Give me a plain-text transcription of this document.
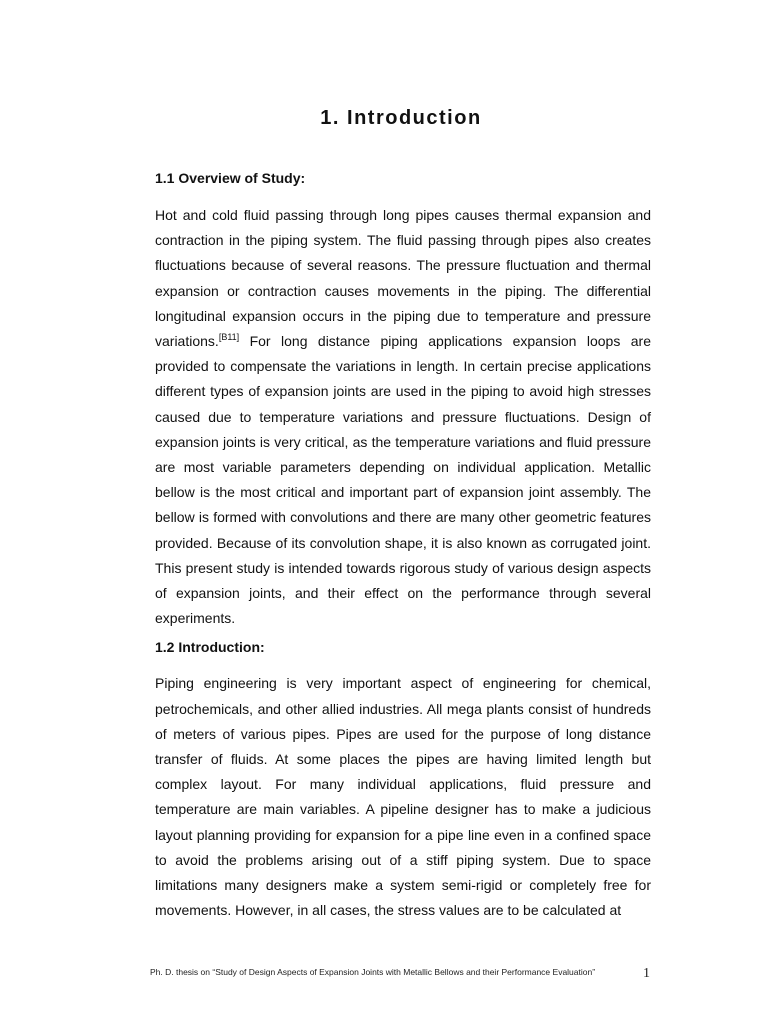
1. Introduction
1.1 Overview of Study:

Hot and cold fluid passing through long pipes causes thermal expansion and contraction in the piping system. The fluid passing through pipes also creates fluctuations because of several reasons. The pressure fluctuation and thermal expansion or contraction causes movements in the piping. The differential longitudinal expansion occurs in the piping due to temperature and pressure variations.[B11] For long distance piping applications expansion loops are provided to compensate the variations in length. In certain precise applications different types of expansion joints are used in the piping to avoid high stresses caused due to temperature variations and pressure fluctuations. Design of expansion joints is very critical, as the temperature variations and fluid pressure are most variable parameters depending on individual application. Metallic bellow is the most critical and important part of expansion joint assembly. The bellow is formed with convolutions and there are many other geometric features provided. Because of its convolution shape, it is also known as corrugated joint. This present study is intended towards rigorous study of various design aspects of expansion joints, and their effect on the performance through several experiments.

1.2 Introduction:

Piping engineering is very important aspect of engineering for chemical, petrochemicals, and other allied industries. All mega plants consist of hundreds of meters of various pipes. Pipes are used for the purpose of long distance transfer of fluids. At some places the pipes are having limited length but complex layout. For many individual applications, fluid pressure and temperature are main variables. A pipeline designer has to make a judicious layout planning providing for expansion for a pipe line even in a confined space to avoid the problems arising out of a stiff piping system. Due to space limitations many designers make a system semi-rigid or completely free for movements. However, in all cases, the stress values are to be calculated at

Ph. D. thesis on “Study of Design Aspects of Expansion Joints with Metallic Bellows and their Performance Evaluation”	1
